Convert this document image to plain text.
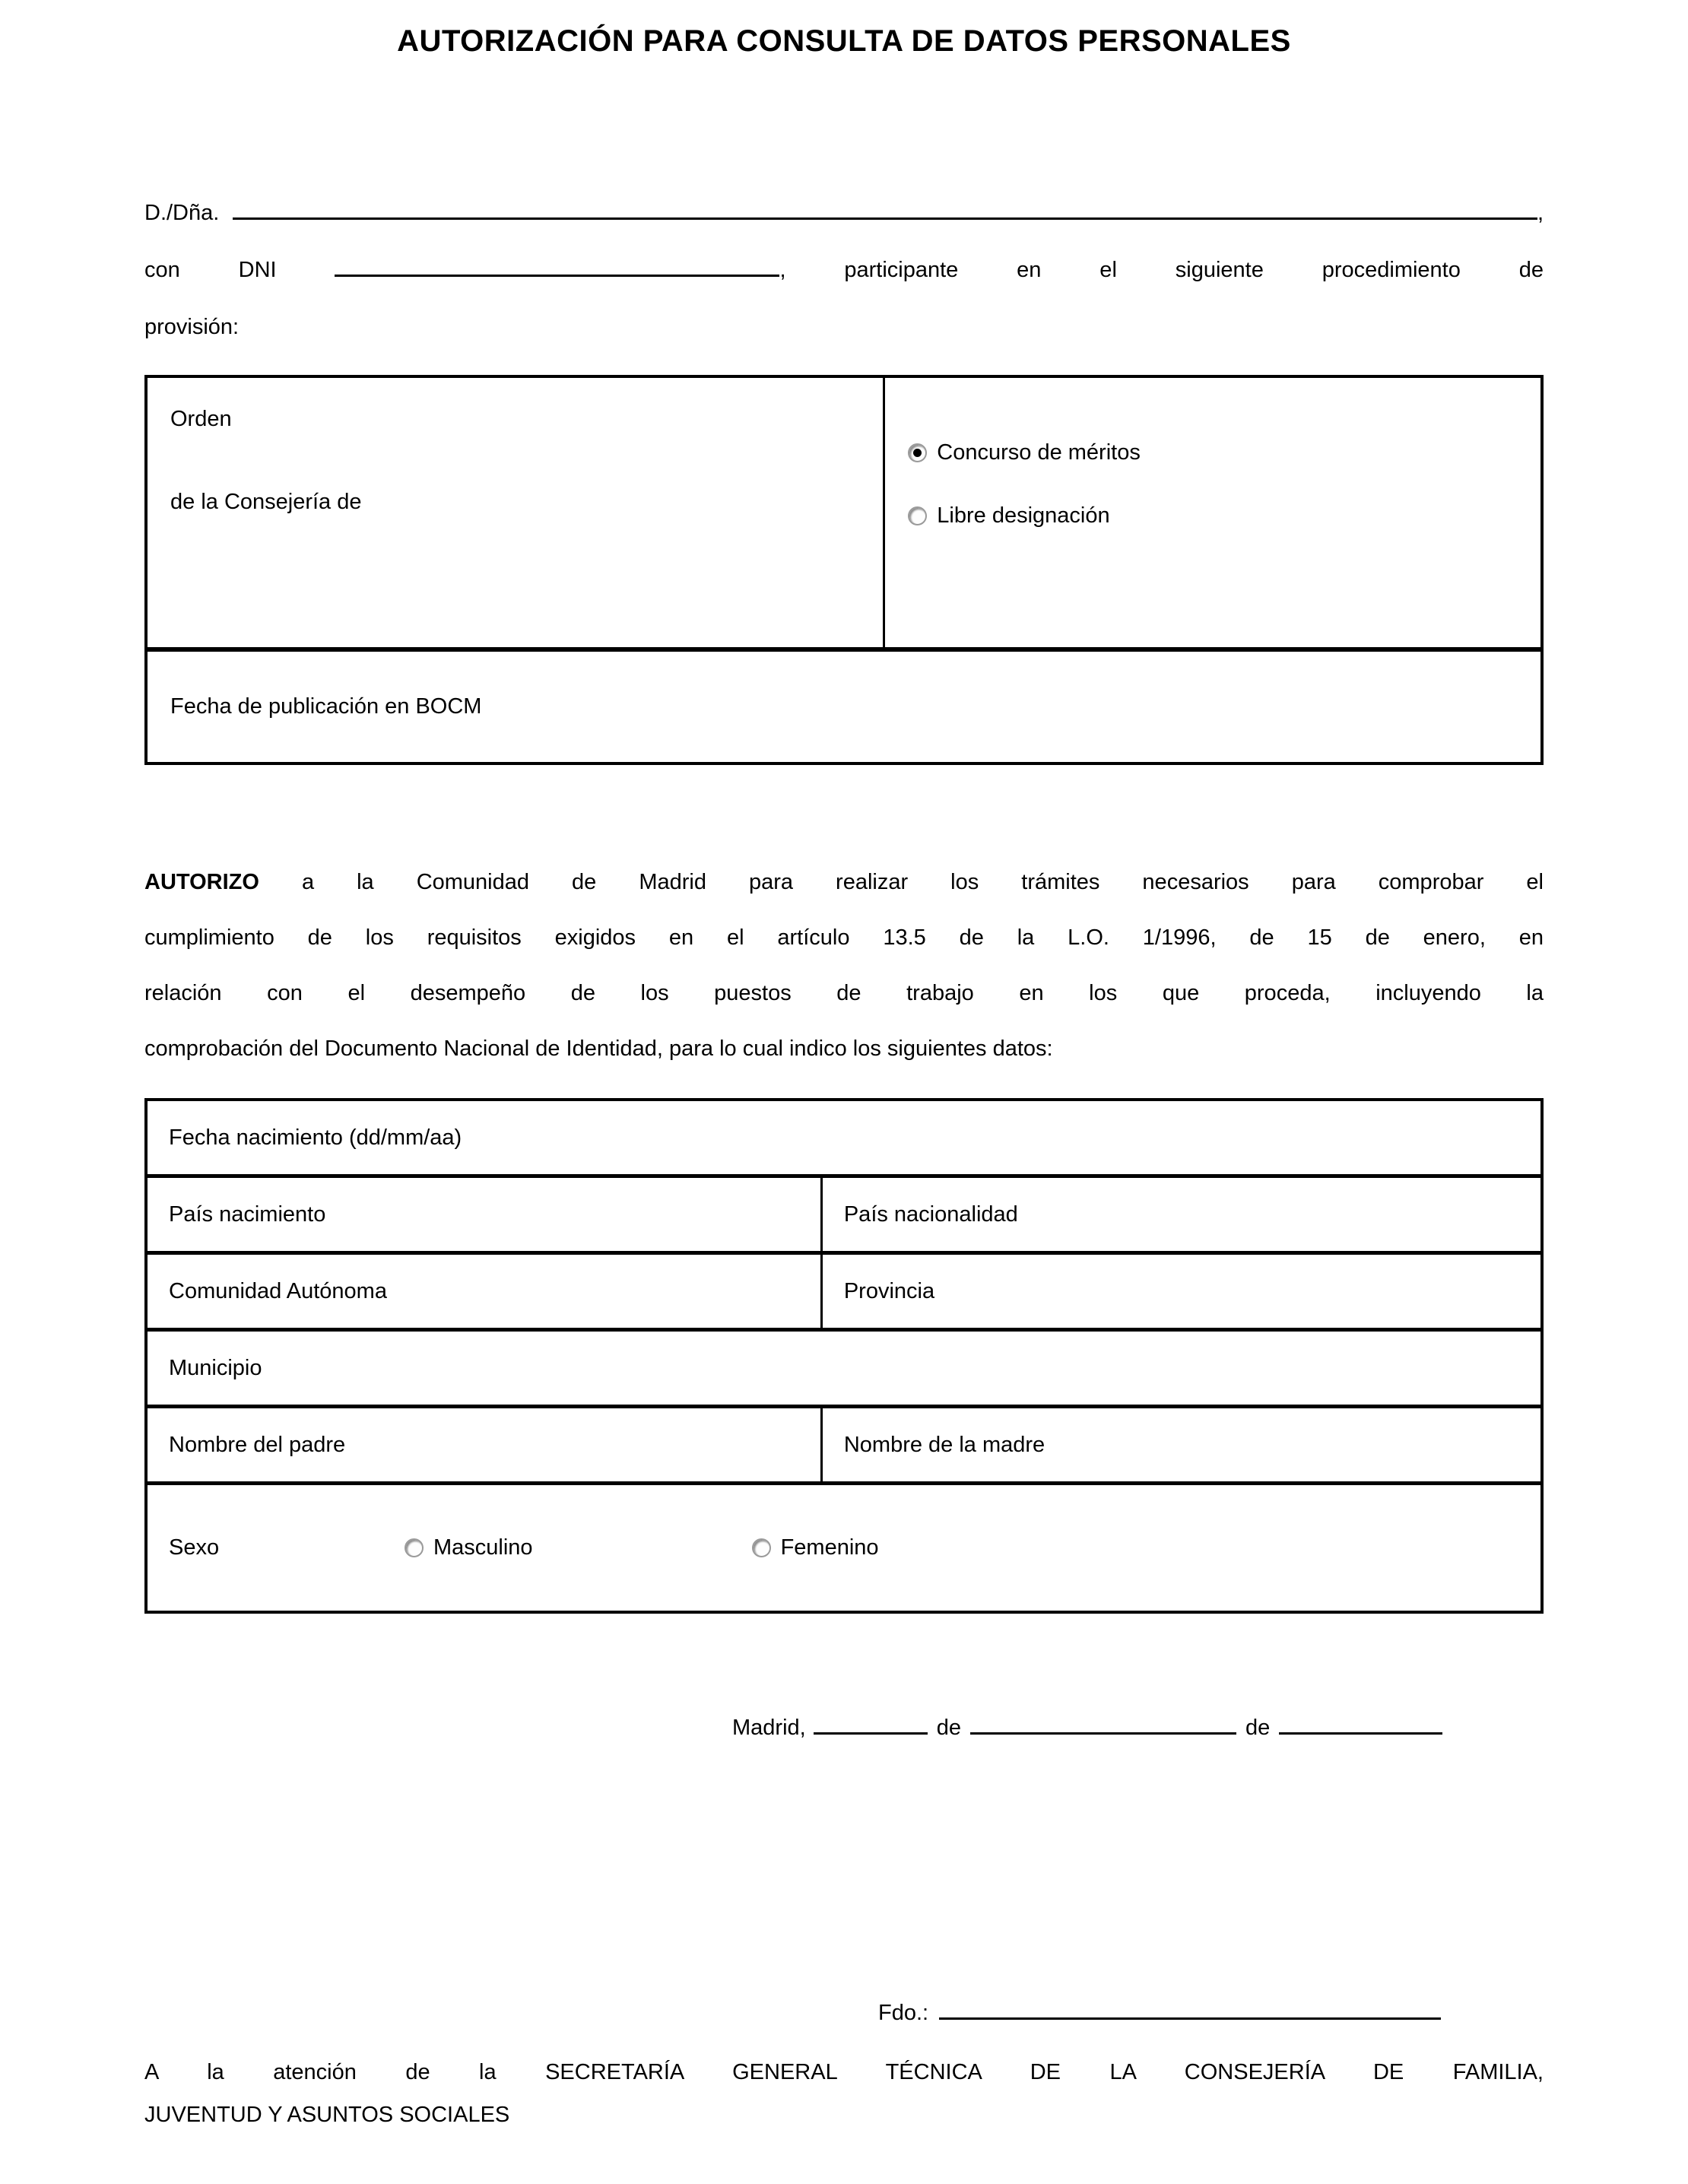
AUTORIZACIÓN PARA CONSULTA DE DATOS PERSONALES
D./Dña.	,
con DNI	, participante en el siguiente procedimiento de
provisión:
Orden
de la Consejería de
Concurso de méritos
Libre designación
Fecha de publicación en BOCM
AUTORIZO a la Comunidad de Madrid para realizar los trámites necesarios para comprobar el
cumplimiento de los requisitos exigidos en el artículo 13.5 de la L.O. 1/1996, de 15 de enero, en
relación con el desempeño de los puestos de trabajo en los que proceda, incluyendo la
comprobación del Documento Nacional de Identidad, para lo cual indico los siguientes datos:
Fecha nacimiento (dd/mm/aa)
País nacimiento	País nacionalidad
Comunidad Autónoma	Provincia
Municipio
Nombre del padre	Nombre de la madre
Sexo	Masculino	Femenino
Madrid,	de	de
Fdo.:
A la atención de la SECRETARÍA GENERAL TÉCNICA DE LA CONSEJERÍA DE FAMILIA,
JUVENTUD Y ASUNTOS SOCIALES
